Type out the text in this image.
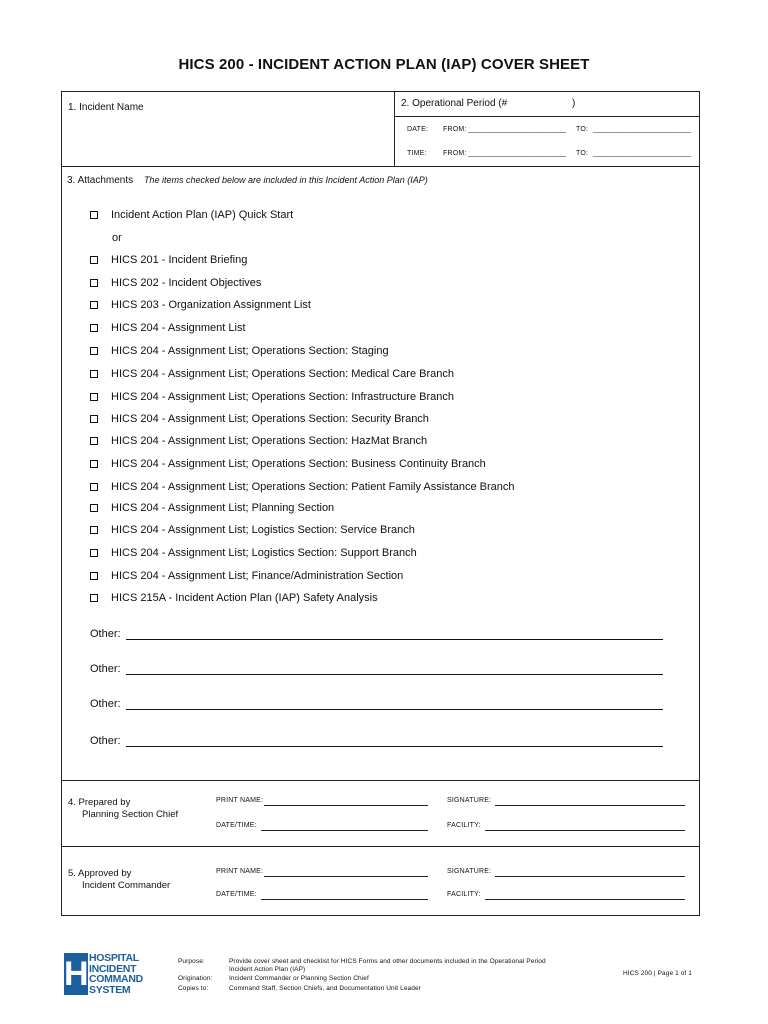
HICS 200 - INCIDENT ACTION PLAN (IAP) COVER SHEET
1. Incident Name	2. Operational Period (#	)
DATE: FROM: ________________________ TO: ________________________
TIME: FROM: ________________________ TO: ________________________
3. Attachments The items checked below are included in this Incident Action Plan (IAP)
Incident Action Plan (IAP) Quick Start
or
HICS 201 - Incident Briefing
HICS 202 - Incident Objectives
HICS 203 - Organization Assignment List
HICS 204 - Assignment List
HICS 204 - Assignment List; Operations Section: Staging
HICS 204 - Assignment List; Operations Section: Medical Care Branch
HICS 204 - Assignment List; Operations Section: Infrastructure Branch
HICS 204 - Assignment List; Operations Section: Security Branch
HICS 204 - Assignment List; Operations Section: HazMat Branch
HICS 204 - Assignment List; Operations Section: Business Continuity Branch
HICS 204 - Assignment List; Operations Section: Patient Family Assistance Branch
HICS 204 - Assignment List; Planning Section
HICS 204 - Assignment List; Logistics Section: Service Branch
HICS 204 - Assignment List; Logistics Section: Support Branch
HICS 204 - Assignment List; Finance/Administration Section
HICS 215A - Incident Action Plan (IAP) Safety Analysis
Other:
Other:
Other:
Other:
4. Prepared by
Planning Section Chief
PRINT NAME:	SIGNATURE:
DATE/TIME:	FACILITY:
5. Approved by
Incident Commander
PRINT NAME:	SIGNATURE:
DATE/TIME:	FACILITY:
H HOSPITAL
INCIDENT
COMMAND
SYSTEM
Purpose:	Provide cover sheet and checklist for HICS Forms and other documents included in the Operational Period
Incident Action Plan (IAP)
Origination:	Incident Commander or Planning Section Chief
Copies to:	Command Staff, Section Chiefs, and Documentation Unit Leader
HICS 200 | Page 1 of 1
